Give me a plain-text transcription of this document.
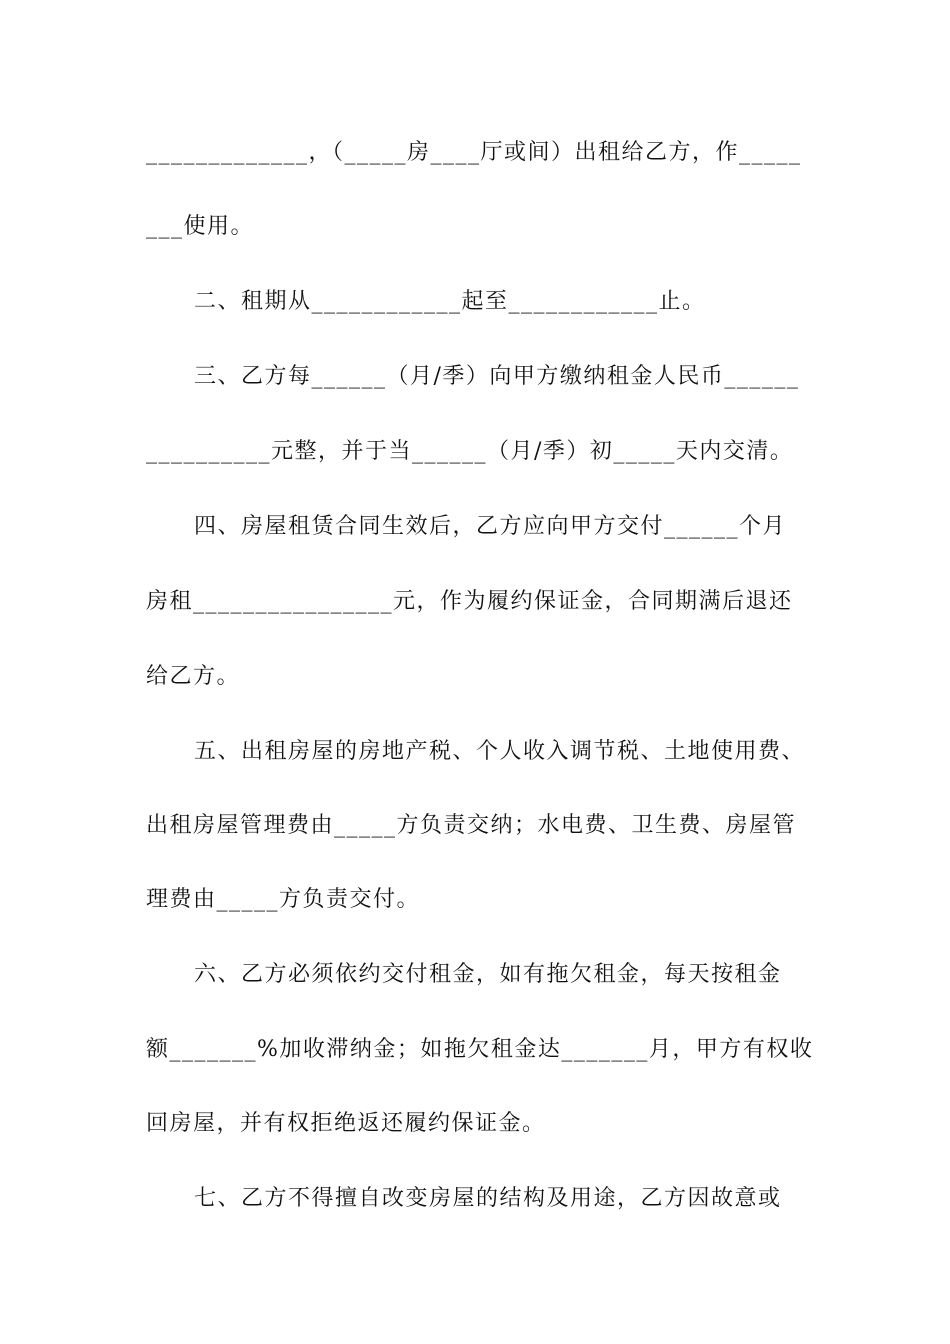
_____________，（_____房____厅或间）出租给乙方，作_____
___使用。
二、租期从____________起至____________止。
三、乙方每______（月/季）向甲方缴纳租金人民币______
__________元整，并于当______（月/季）初_____天内交清。
四、房屋租赁合同生效后，乙方应向甲方交付______个月
房租________________元，作为履约保证金，合同期满后退还
给乙方。
五、出租房屋的房地产税、个人收入调节税、土地使用费、
出租房屋管理费由_____方负责交纳；水电费、卫生费、房屋管
理费由_____方负责交付。
六、乙方必须依约交付租金，如有拖欠租金，每天按租金
额_______%加收滞纳金；如拖欠租金达_______月，甲方有权收
回房屋，并有权拒绝返还履约保证金。
七、乙方不得擅自改变房屋的结构及用途，乙方因故意或
